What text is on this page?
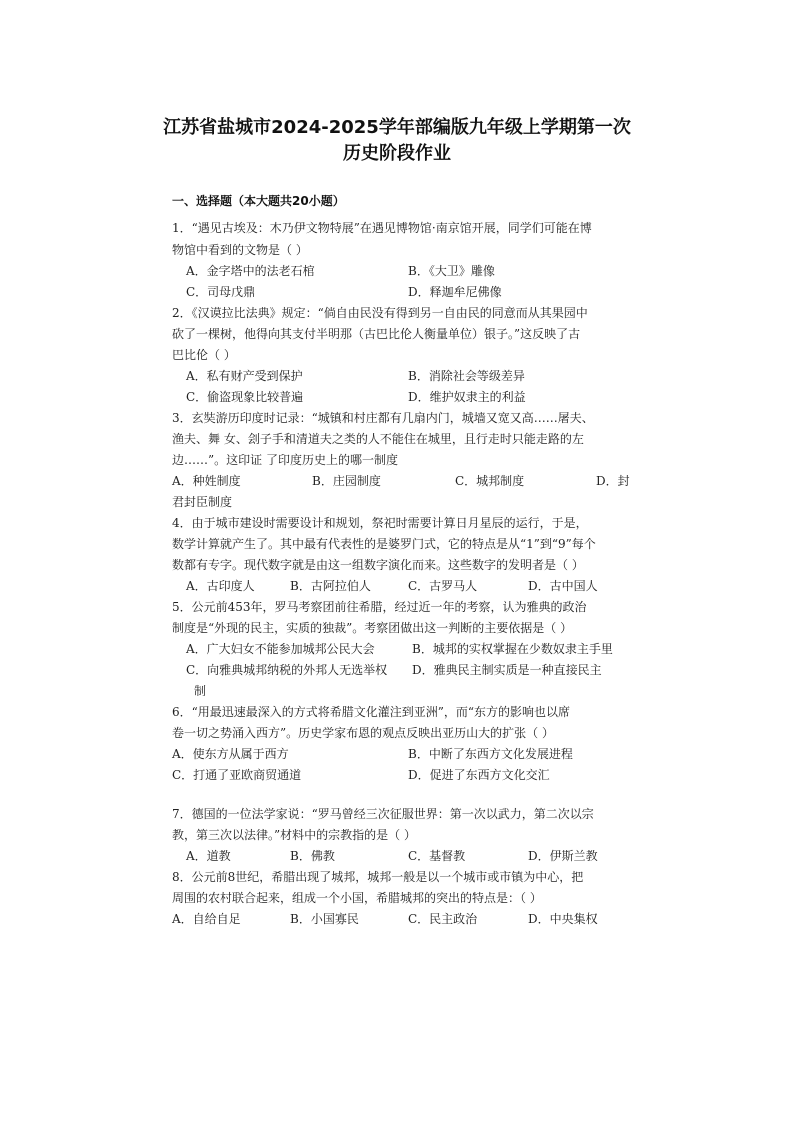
江苏省盐城市2024-2025学年部编版九年级上学期第一次
历史阶段作业
一、选择题（本大题共20小题）
1．“遇见古埃及：木乃伊文物特展”在遇见博物馆·南京馆开展，同学们可能在博
物馆中看到的文物是（ ）
A．金字塔中的法老石棺	B．《大卫》雕像
C．司母戊鼎	D．释迦牟尼佛像
2．《汉谟拉比法典》规定：“倘自由民没有得到另一自由民的同意而从其果园中
砍了一棵树，他得向其支付半明那（古巴比伦人衡量单位）银子。”这反映了古
巴比伦（ ）
A．私有财产受到保护	B．消除社会等级差异
C．偷盗现象比较普遍	D．维护奴隶主的利益
3．玄奘游历印度时记录：“城镇和村庄都有几扇内门，城墙又宽又高……屠夫、
渔夫、舞 女、刽子手和清道夫之类的人不能住在城里，且行走时只能走路的左
边……”。这印证 了印度历史上的哪一制度
A．种姓制度	B．庄园制度	C．城邦制度	D．封
君封臣制度
4．由于城市建设时需要设计和规划，祭祀时需要计算日月星辰的运行，于是，
数学计算就产生了。其中最有代表性的是婆罗门式，它的特点是从“1”到“9”每个
数都有专字。现代数字就是由这一组数字演化而来。这些数字的发明者是（ ）
A．古印度人	B．古阿拉伯人	C．古罗马人	D．古中国人
5．公元前453年，罗马考察团前往希腊，经过近一年的考察，认为雅典的政治
制度是“外现的民主，实质的独裁”。考察团做出这一判断的主要依据是（ ）
A．广大妇女不能参加城邦公民大会	B．城邦的实权掌握在少数奴隶主手里
C．向雅典城邦纳税的外邦人无选举权 D．雅典民主制实质是一种直接民主
制
6．“用最迅速最深入的方式将希腊文化灌注到亚洲”，而“东方的影响也以席
卷一切之势涌入西方”。历史学家布恩的观点反映出亚历山大的扩张（ ）
A．使东方从属于西方	B．中断了东西方文化发展进程
C．打通了亚欧商贸通道	D．促进了东西方文化交汇
7．德国的一位法学家说：“罗马曾经三次征服世界：第一次以武力，第二次以宗
教，第三次以法律。”材料中的宗教指的是（ ）
A．道教	B．佛教	C．基督教	D．伊斯兰教
8．公元前8世纪，希腊出现了城邦，城邦一般是以一个城市或市镇为中心，把
周围的农村联合起来，组成一个小国，希腊城邦的突出的特点是：（ ）
A．自给自足	B．小国寡民	C．民主政治	D．中央集权
